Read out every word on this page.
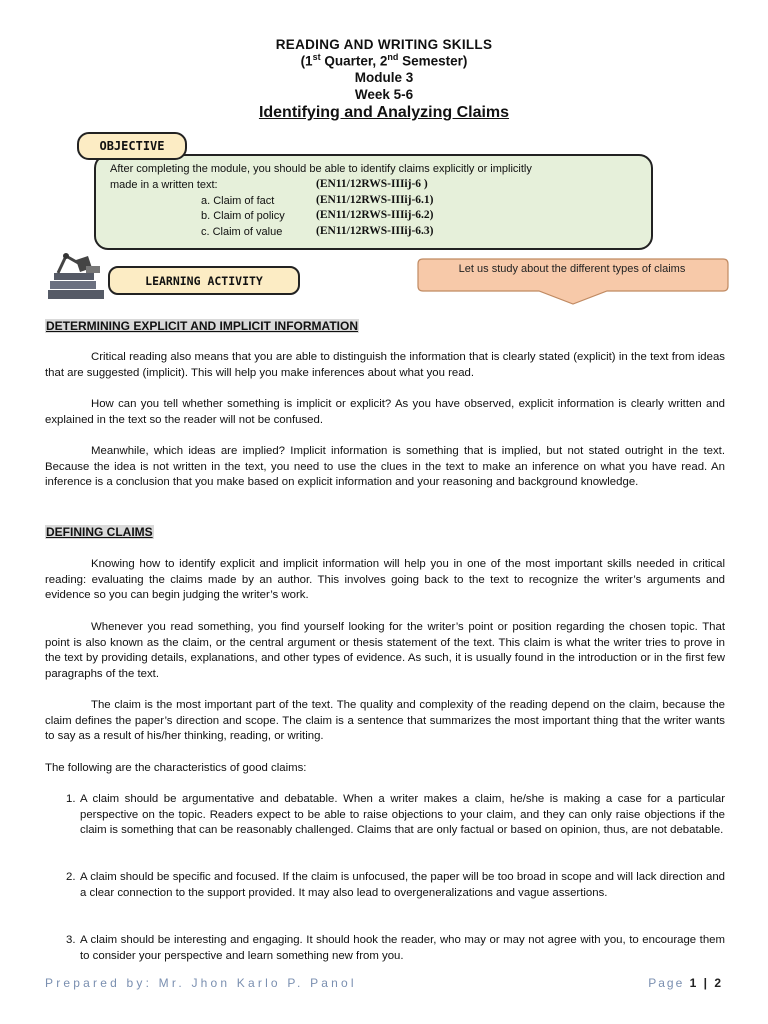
READING AND WRITING SKILLS
(1st Quarter, 2nd Semester)
Module 3
Week 5-6
Identifying and Analyzing Claims
OBJECTIVE
After completing the module, you should be able to identify claims explicitly or implicitly
made in a written text:	(EN11/12RWS-IIIij-6 )
a. Claim of fact	(EN11/12RWS-IIIij-6.1)
b. Claim of policy	(EN11/12RWS-IIIij-6.2)
c. Claim of value	(EN11/12RWS-IIIij-6.3)
LEARNING ACTIVITY
Let us study about the different types of claims
DETERMINING EXPLICIT AND IMPLICIT INFORMATION
Critical reading also means that you are able to distinguish the information that is clearly stated (explicit) in the text from ideas that are suggested (implicit). This will help you make inferences about what you read.
How can you tell whether something is implicit or explicit? As you have observed, explicit information is clearly written and explained in the text so the reader will not be confused.
Meanwhile, which ideas are implied? Implicit information is something that is implied, but not stated outright in the text. Because the idea is not written in the text, you need to use the clues in the text to make an inference on what you have read. An inference is a conclusion that you make based on explicit information and your reasoning and background knowledge.
DEFINING CLAIMS
Knowing how to identify explicit and implicit information will help you in one of the most important skills needed in critical reading: evaluating the claims made by an author. This involves going back to the text to recognize the writer’s arguments and evidence so you can begin judging the writer’s work.
Whenever you read something, you find yourself looking for the writer’s point or position regarding the chosen topic. That point is also known as the claim, or the central argument or thesis statement of the text. This claim is what the writer tries to prove in the text by providing details, explanations, and other types of evidence. As such, it is usually found in the introduction or in the first few paragraphs of the text.
The claim is the most important part of the text. The quality and complexity of the reading depend on the claim, because the claim defines the paper’s direction and scope. The claim is a sentence that summarizes the most important thing that the writer wants to say as a result of his/her thinking, reading, or writing.
The following are the characteristics of good claims:
1. A claim should be argumentative and debatable. When a writer makes a claim, he/she is making a case for a particular perspective on the topic. Readers expect to be able to raise objections to your claim, and they can only raise objections if the claim is something that can be reasonably challenged. Claims that are only factual or based on opinion, thus, are not debatable.
2. A claim should be specific and focused. If the claim is unfocused, the paper will be too broad in scope and will lack direction and a clear connection to the support provided. It may also lead to overgeneralizations and vague assertions.
3. A claim should be interesting and engaging. It should hook the reader, who may or may not agree with you, to encourage them to consider your perspective and learn something new from you.
Prepared by: Mr. Jhon Karlo P. Panol	Page 1 | 2
